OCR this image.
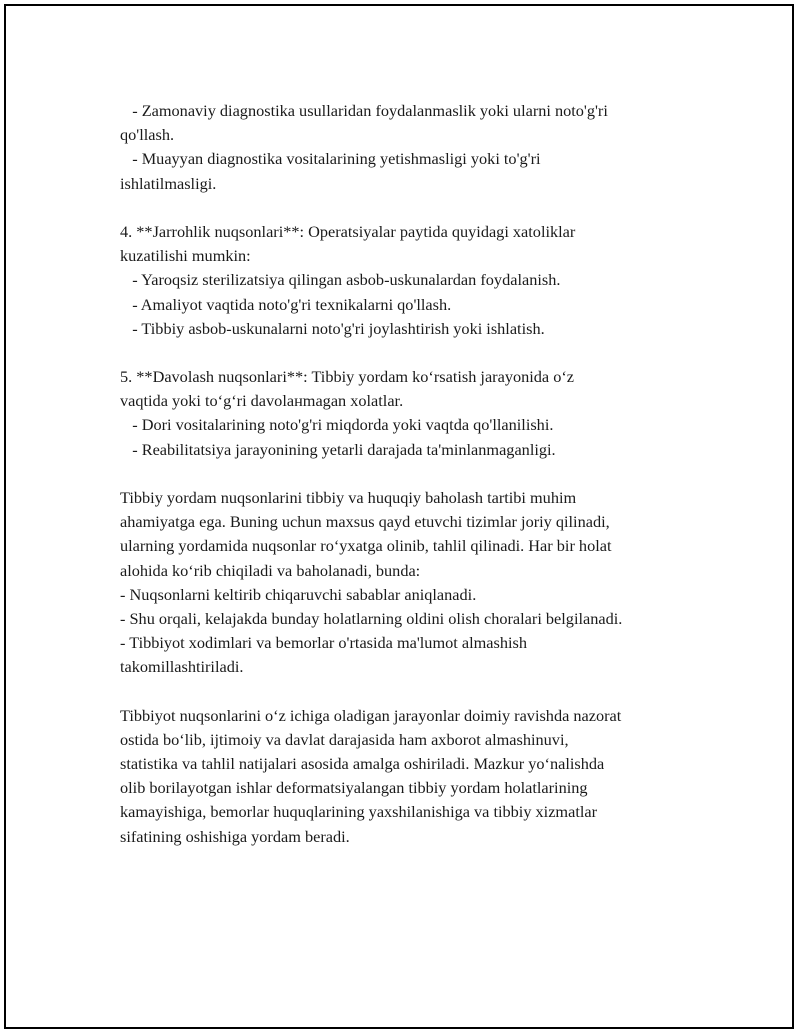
- Zamonaviy diagnostika usullaridan foydalanmaslik yoki ularni noto'g'ri
qo'llash.
- Muayyan diagnostika vositalarining yetishmasligi yoki to'g'ri
ishlatilmasligi.
4. **Jarrohlik nuqsonlari**: Operatsiyalar paytida quyidagi xatoliklar
kuzatilishi mumkin:
- Yaroqsiz sterilizatsiya qilingan asbob-uskunalardan foydalanish.
- Amaliyot vaqtida noto'g'ri texnikalarni qo'llash.
- Tibbiy asbob-uskunalarni noto'g'ri joylashtirish yoki ishlatish.
5. **Davolash nuqsonlari**: Tibbiy yordam ko‘rsatish jarayonida o‘z
vaqtida yoki to‘g‘ri davolaнmagan xolatlar.
- Dori vositalarining noto'g'ri miqdorda yoki vaqtda qo'llanilishi.
- Reabilitatsiya jarayonining yetarli darajada ta'minlanmaganligi.
Tibbiy yordam nuqsonlarini tibbiy va huquqiy baholash tartibi muhim
ahamiyatga ega. Buning uchun maxsus qayd etuvchi tizimlar joriy qilinadi,
ularning yordamida nuqsonlar ro‘yxatga olinib, tahlil qilinadi. Har bir holat
alohida ko‘rib chiqiladi va baholanadi, bunda:
- Nuqsonlarni keltirib chiqaruvchi sabablar aniqlanadi.
- Shu orqali, kelajakda bunday holatlarning oldini olish choralari belgilanadi.
- Tibbiyot xodimlari va bemorlar o'rtasida ma'lumot almashish
takomillashtiriladi.
Tibbiyot nuqsonlarini o‘z ichiga oladigan jarayonlar doimiy ravishda nazorat
ostida bo‘lib, ijtimoiy va davlat darajasida ham axborot almashinuvi,
statistika va tahlil natijalari asosida amalga oshiriladi. Mazkur yo‘nalishda
olib borilayotgan ishlar deformatsiyalangan tibbiy yordam holatlarining
kamayishiga, bemorlar huquqlarining yaxshilanishiga va tibbiy xizmatlar
sifatining oshishiga yordam beradi.
